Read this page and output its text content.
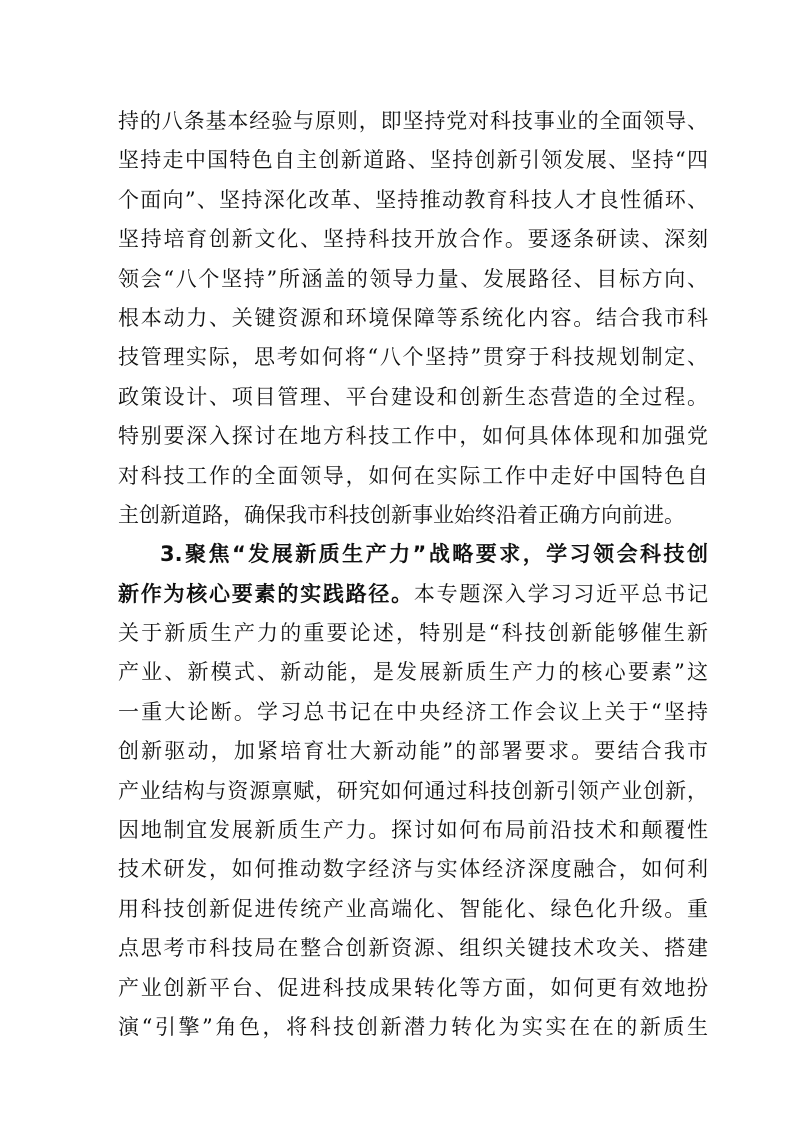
持的八条基本经验与原则，即坚持党对科技事业的全面领导、
坚持走中国特色自主创新道路、坚持创新引领发展、坚持“四
个面向”、坚持深化改革、坚持推动教育科技人才良性循环、
坚持培育创新文化、坚持科技开放合作。要逐条研读、深刻
领会“八个坚持”所涵盖的领导力量、发展路径、目标方向、
根本动力、关键资源和环境保障等系统化内容。结合我市科
技管理实际，思考如何将“八个坚持”贯穿于科技规划制定、
政策设计、项目管理、平台建设和创新生态营造的全过程。
特别要深入探讨在地方科技工作中，如何具体体现和加强党
对科技工作的全面领导，如何在实际工作中走好中国特色自
主创新道路，确保我市科技创新事业始终沿着正确方向前进。
3.聚焦“发展新质生产力”战略要求，学习领会科技创
新作为核心要素的实践路径。本专题深入学习习近平总书记
关于新质生产力的重要论述，特别是“科技创新能够催生新
产业、新模式、新动能，是发展新质生产力的核心要素”这
一重大论断。学习总书记在中央经济工作会议上关于“坚持
创新驱动，加紧培育壮大新动能”的部署要求。要结合我市
产业结构与资源禀赋，研究如何通过科技创新引领产业创新，
因地制宜发展新质生产力。探讨如何布局前沿技术和颠覆性
技术研发，如何推动数字经济与实体经济深度融合，如何利
用科技创新促进传统产业高端化、智能化、绿色化升级。重
点思考市科技局在整合创新资源、组织关键技术攻关、搭建
产业创新平台、促进科技成果转化等方面，如何更有效地扮
演“引擎”角色，将科技创新潜力转化为实实在在的新质生
